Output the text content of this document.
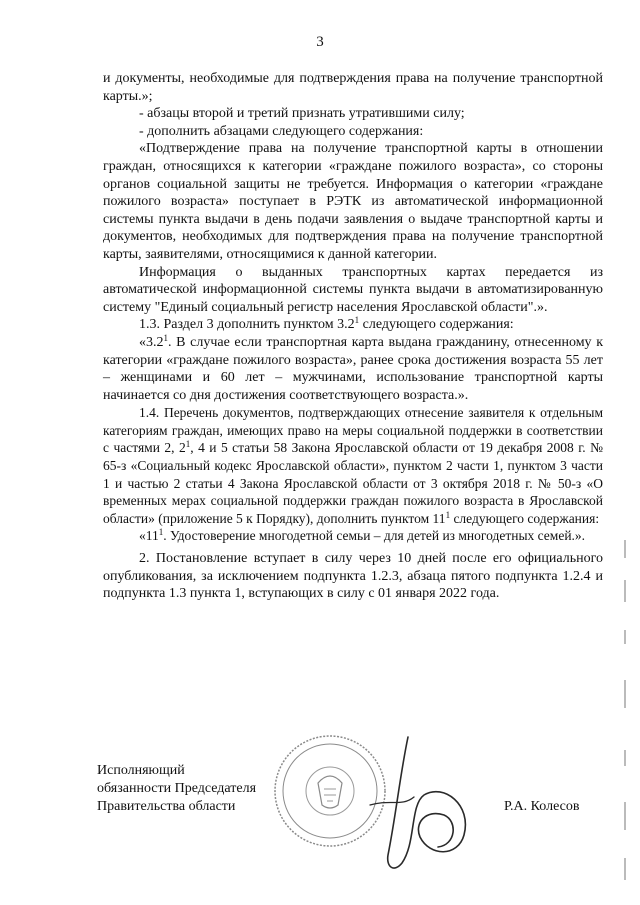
3

и документы, необходимые для подтверждения права на получение транспортной карты.»;

- абзацы второй и третий признать утратившими силу;

- дополнить абзацами следующего содержания:

«Подтверждение права на получение транспортной карты в отношении граждан, относящихся к категории «граждане пожилого возраста», со стороны органов социальной защиты не требуется. Информация о категории «граждане пожилого возраста» поступает в РЭТК из автоматической информационной системы пункта выдачи в день подачи заявления о выдаче транспортной карты и документов, необходимых для подтверждения права на получение транспортной карты, заявителями, относящимися к данной категории.

Информация о выданных транспортных картах передается из автоматической информационной системы пункта выдачи в автоматизированную систему "Единый социальный регистр населения Ярославской области".».

1.3. Раздел 3 дополнить пунктом $3.2^1$ следующего содержания:

«$3.2^1$. В случае если транспортная карта выдана гражданину, отнесенному к категории «граждане пожилого возраста», ранее срока достижения возраста 55 лет – женщинами и 60 лет – мужчинами, использование транспортной карты начинается со дня достижения соответствующего возраста.».

1.4. Перечень документов, подтверждающих отнесение заявителя к отдельным категориям граждан, имеющих право на меры социальной поддержки в соответствии с частями 2, $2^1$, 4 и 5 статьи 58 Закона Ярославской области от 19 декабря 2008 г. № 65-з «Социальный кодекс Ярославской области», пунктом 2 части 1, пунктом 3 части 1 и частью 2 статьи 4 Закона Ярославской области от 3 октября 2018 г. № 50-з «О временных мерах социальной поддержки граждан пожилого возраста в Ярославской области» (приложение 5 к Порядку), дополнить пунктом $11^1$ следующего содержания:

«$11^1$. Удостоверение многодетной семьи – для детей из многодетных семей.».

2. Постановление вступает в силу через 10 дней после его официального опубликования, за исключением подпункта 1.2.3, абзаца пятого подпункта 1.2.4 и подпункта 1.3 пункта 1, вступающих в силу с 01 января 2022 года.

Исполняющий

обязанности Председателя

Правительства области	Р.А. Колесов
